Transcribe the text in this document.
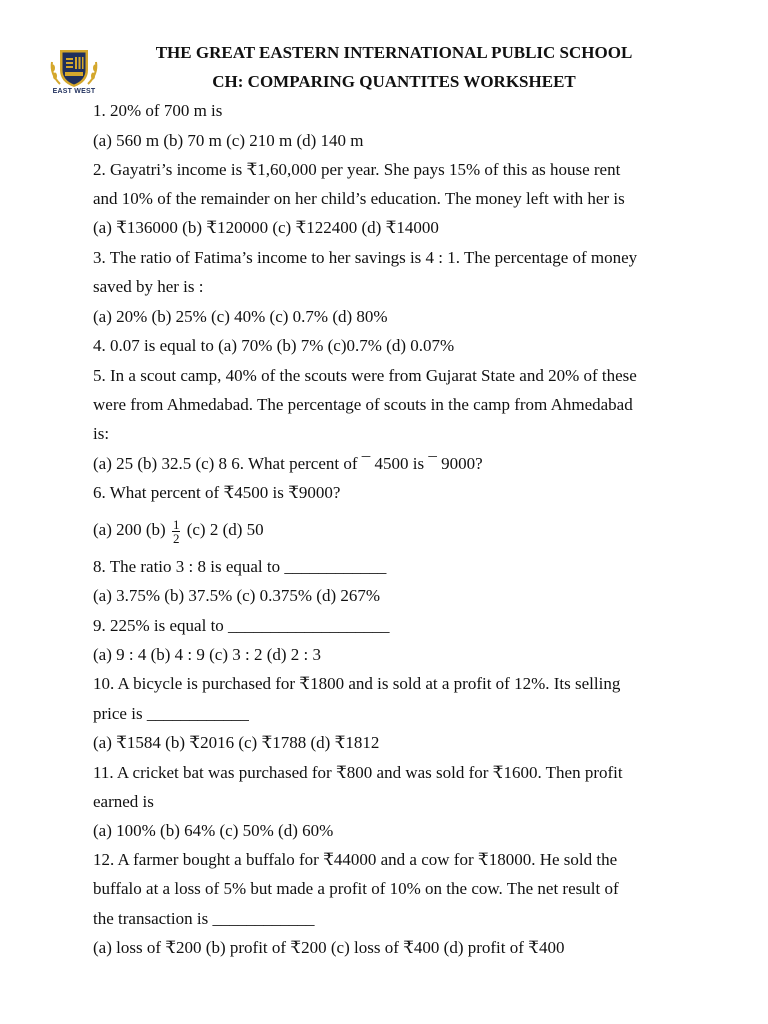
EAST WEST
THE GREAT EASTERN INTERNATIONAL PUBLIC SCHOOL
CH: COMPARING QUANTITES WORKSHEET
1. 20% of 700 m is
(a) 560 m (b) 70 m (c) 210 m (d) 140 m
2. Gayatri’s income is ₹1,60,000 per year. She pays 15% of this as house rent
and 10% of the remainder on her child’s education. The money left with her is
(a) ₹136000 (b) ₹120000 (c) ₹122400 (d) ₹14000
3. The ratio of Fatima’s income to her savings is 4 : 1. The percentage of money
saved by her is :
(a) 20% (b) 25% (c) 40% (c) 0.7% (d) 80%
4. 0.07 is equal to (a) 70% (b) 7% (c)0.7% (d) 0.07%
5. In a scout camp, 40% of the scouts were from Gujarat State and 20% of these
were from Ahmedabad. The percentage of scouts in the camp from Ahmedabad
is:
(a) 25 (b) 32.5 (c) 8 6. What percent of ¯ 4500 is ¯ 9000?
6. What percent of ₹4500 is ₹9000?
(a) 200 $(b) \frac{1}{2} (c)$ 2 (d) 50
8. The ratio 3 : 8 is equal to ____________
(a) 3.75% (b) 37.5% (c) 0.375% (d) 267%
9. 225% is equal to ___________________
(a) 9 : 4 (b) 4 : 9 (c) 3 : 2 (d) 2 : 3
10. A bicycle is purchased for ₹1800 and is sold at a profit of 12%. Its selling
price is ____________
(a) ₹1584 (b) ₹2016 (c) ₹1788 (d) ₹1812
11. A cricket bat was purchased for ₹800 and was sold for ₹1600. Then profit
earned is
(a) 100% (b) 64% (c) 50% (d) 60%
12. A farmer bought a buffalo for ₹44000 and a cow for ₹18000. He sold the
buffalo at a loss of 5% but made a profit of 10% on the cow. The net result of
the transaction is ____________
(a) loss of ₹200 (b) profit of ₹200 (c) loss of ₹400 (d) profit of ₹400
